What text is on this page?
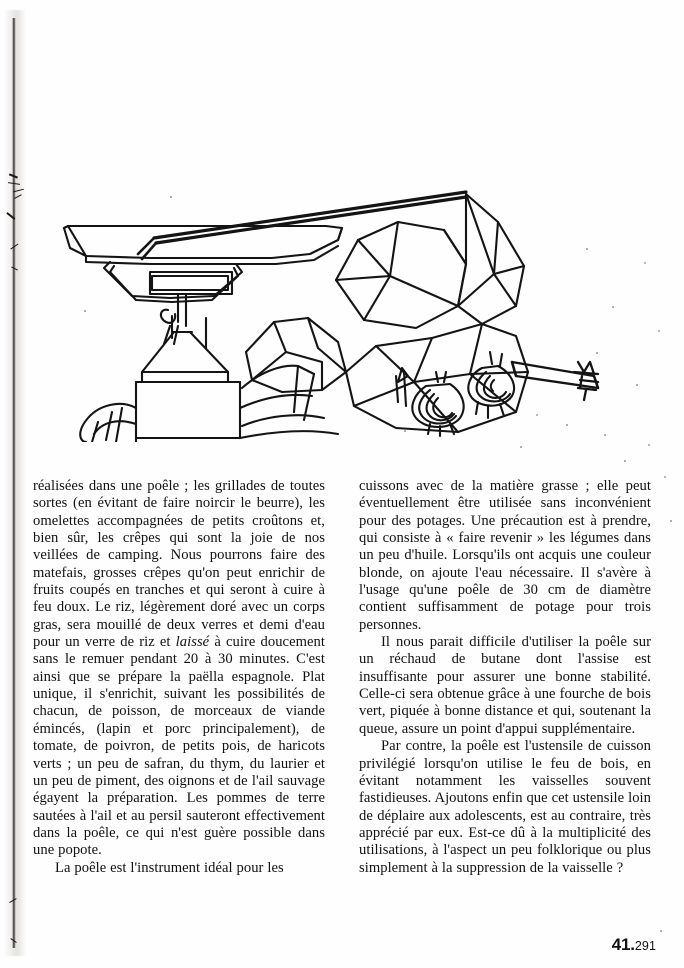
réalisées dans une poêle ; les grillades de toutes sortes (en évitant de faire noircir le beurre), les omelettes accompagnées de petits croûtons et, bien sûr, les crêpes qui sont la joie de nos veillées de camping. Nous pourrons faire des matefais, grosses crêpes qu'on peut enrichir de fruits coupés en tranches et qui seront à cuire à feu doux. Le riz, légèrement doré avec un corps gras, sera mouillé de deux verres et demi d'eau pour un verre de riz et laissé à cuire doucement sans le remuer pendant 20 à 30 minutes. C'est ainsi que se prépare la paëlla espagnole. Plat unique, il s'enrichit, suivant les possibilités de chacun, de poisson, de morceaux de viande émincés, (lapin et porc principalement), de tomate, de poivron, de petits pois, de haricots verts ; un peu de safran, du thym, du laurier et un peu de piment, des oignons et de l'ail sauvage égayent la préparation. Les pommes de terre sautées à l'ail et au persil sauteront effectivement dans la poêle, ce qui n'est guère possible dans une popote.

La poêle est l'instrument idéal pour les

cuissons avec de la matière grasse ; elle peut éventuellement être utilisée sans inconvénient pour des potages. Une précaution est à prendre, qui consiste à « faire revenir » les légumes dans un peu d'huile. Lorsqu'ils ont acquis une couleur blonde, on ajoute l'eau nécessaire. Il s'avère à l'usage qu'une poêle de 30 cm de diamètre contient suffisamment de potage pour trois personnes.

Il nous parait difficile d'utiliser la poêle sur un réchaud de butane dont l'assise est insuffisante pour assurer une bonne stabilité. Celle-ci sera obtenue grâce à une fourche de bois vert, piquée à bonne distance et qui, soutenant la queue, assure un point d'appui supplémentaire.

Par contre, la poêle est l'ustensile de cuisson privilégié lorsqu'on utilise le feu de bois, en évitant notamment les vaisselles souvent fastidieuses. Ajoutons enfin que cet ustensile loin de déplaire aux adolescents, est au contraire, très apprécié par eux. Est-ce dû à la multiplicité des utilisations, à l'aspect un peu folklorique ou plus simplement à la suppression de la vaisselle ?

41.291
